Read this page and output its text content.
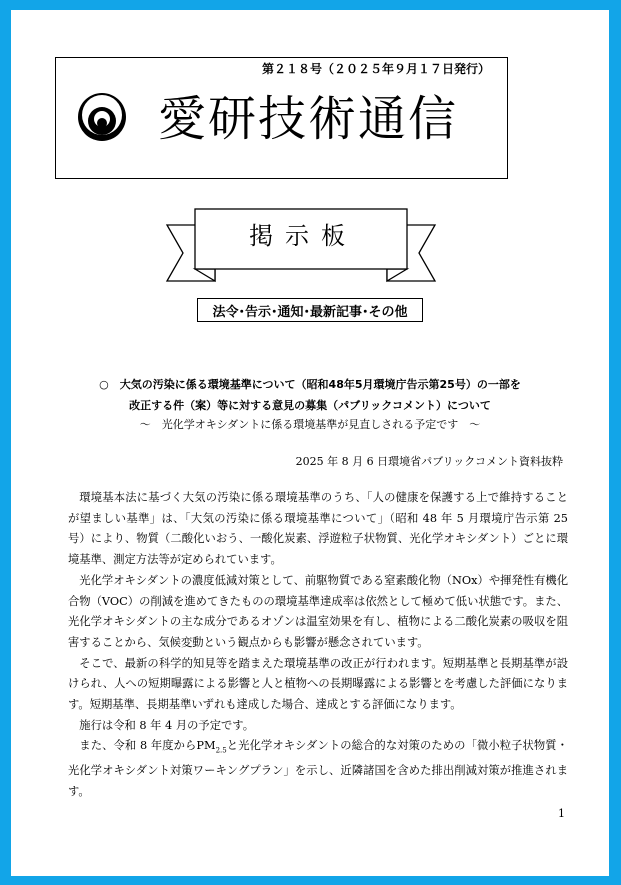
第２１８号（２０２５年９月１７日発行）
愛研技術通信
掲示板
法令･告示･通知･最新記事･その他
○　大気の汚染に係る環境基準について（昭和48年5月環境庁告示第25号）の一部を
改正する件（案）等に対する意見の募集（パブリックコメント）について
～　光化学オキシダントに係る環境基準が見直しされる予定です　～
2025 年 8 月 6 日環境省パブリックコメント資料抜粋

環境基本法に基づく大気の汚染に係る環境基準のうち、「人の健康を保護する上で維持することが望ましい基準」は、「大気の汚染に係る環境基準について」（昭和 48 年 5 月環境庁告示第 25 号）により、物質（二酸化いおう、一酸化炭素、浮遊粒子状物質、光化学オキシダント）ごとに環境基準、測定方法等が定められています。

光化学オキシダントの濃度低減対策として、前駆物質である窒素酸化物（NOx）や揮発性有機化合物（VOC）の削減を進めてきたものの環境基準達成率は依然として極めて低い状態です。また、光化学オキシダントの主な成分であるオゾンは温室効果を有し、植物による二酸化炭素の吸収を阻害することから、気候変動という観点からも影響が懸念されています。

そこで、最新の科学的知見等を踏まえた環境基準の改正が行われます。短期基準と長期基準が設けられ、人への短期曝露による影響と人と植物への長期曝露による影響とを考慮した評価になります。短期基準、長期基準いずれも達成した場合、達成とする評価になります。

施行は令和 8 年 4 月の予定です。

また、令和 8 年度から$PM_{2.5}$と光化学オキシダントの総合的な対策のための「微小粒子状物質・光化学オキシダント対策ワーキングプラン」を示し、近隣諸国を含めた排出削減対策が推進されます。

1
